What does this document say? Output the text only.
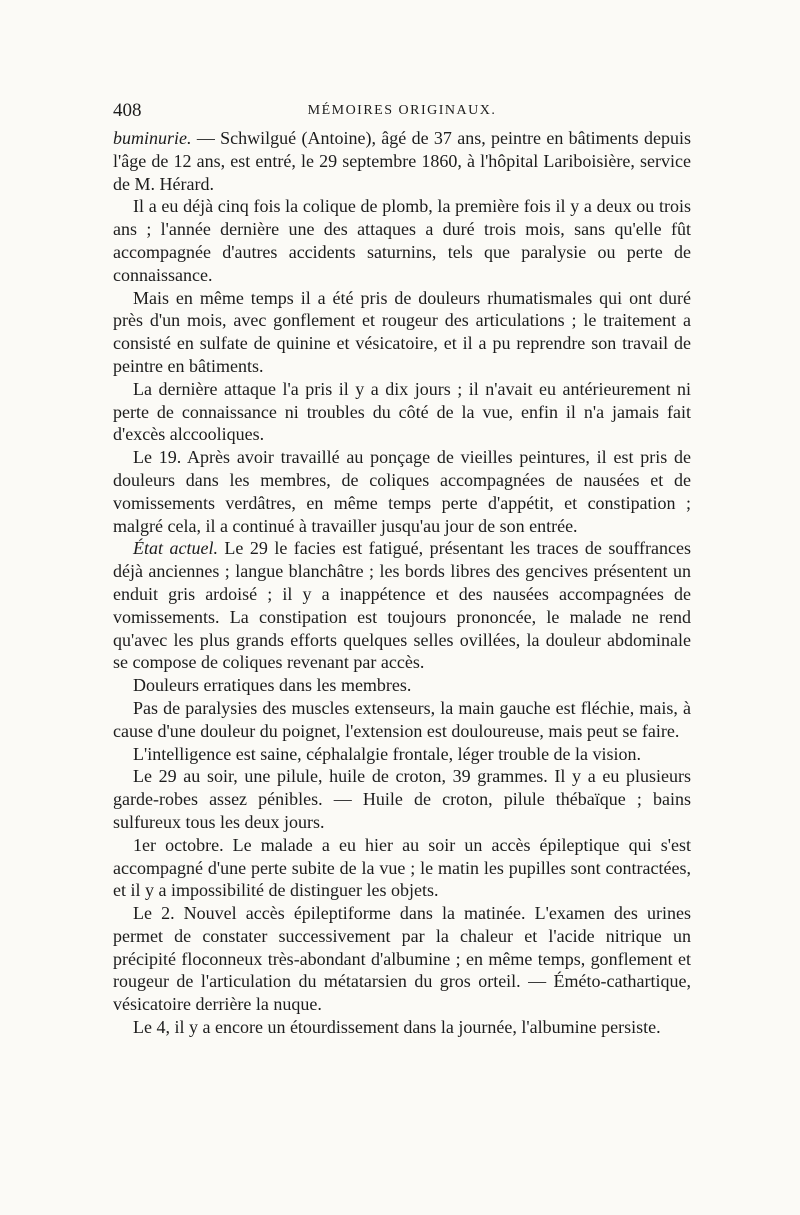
408	MÉMOIRES ORIGINAUX.

buminurie. — Schwilgué (Antoine), âgé de 37 ans, peintre en bâtiments depuis l'âge de 12 ans, est entré, le 29 septembre 1860, à l'hôpital Lariboisière, service de M. Hérard.

Il a eu déjà cinq fois la colique de plomb, la première fois il y a deux ou trois ans ; l'année dernière une des attaques a duré trois mois, sans qu'elle fût accompagnée d'autres accidents saturnins, tels que paralysie ou perte de connaissance.

Mais en même temps il a été pris de douleurs rhumatismales qui ont duré près d'un mois, avec gonflement et rougeur des articulations ; le traitement a consisté en sulfate de quinine et vésicatoire, et il a pu reprendre son travail de peintre en bâtiments.

La dernière attaque l'a pris il y a dix jours ; il n'avait eu antérieurement ni perte de connaissance ni troubles du côté de la vue, enfin il n'a jamais fait d'excès alccooliques.

Le 19. Après avoir travaillé au ponçage de vieilles peintures, il est pris de douleurs dans les membres, de coliques accompagnées de nausées et de vomissements verdâtres, en même temps perte d'appétit, et constipation ; malgré cela, il a continué à travailler jusqu'au jour de son entrée.

État actuel. Le 29 le facies est fatigué, présentant les traces de souffrances déjà anciennes ; langue blanchâtre ; les bords libres des gencives présentent un enduit gris ardoisé ; il y a inappétence et des nausées accompagnées de vomissements. La constipation est toujours prononcée, le malade ne rend qu'avec les plus grands efforts quelques selles ovillées, la douleur abdominale se compose de coliques revenant par accès.

Douleurs erratiques dans les membres.

Pas de paralysies des muscles extenseurs, la main gauche est fléchie, mais, à cause d'une douleur du poignet, l'extension est douloureuse, mais peut se faire.

L'intelligence est saine, céphalalgie frontale, léger trouble de la vision.

Le 29 au soir, une pilule, huile de croton, 39 grammes. Il y a eu plusieurs garde-robes assez pénibles. — Huile de croton, pilule thébaïque ; bains sulfureux tous les deux jours.

1er octobre. Le malade a eu hier au soir un accès épileptique qui s'est accompagné d'une perte subite de la vue ; le matin les pupilles sont contractées, et il y a impossibilité de distinguer les objets.

Le 2. Nouvel accès épileptiforme dans la matinée. L'examen des urines permet de constater successivement par la chaleur et l'acide nitrique un précipité floconneux très-abondant d'albumine ; en même temps, gonflement et rougeur de l'articulation du métatarsien du gros orteil. — Éméto-cathartique, vésicatoire derrière la nuque.

Le 4, il y a encore un étourdissement dans la journée, l'albumine persiste.
